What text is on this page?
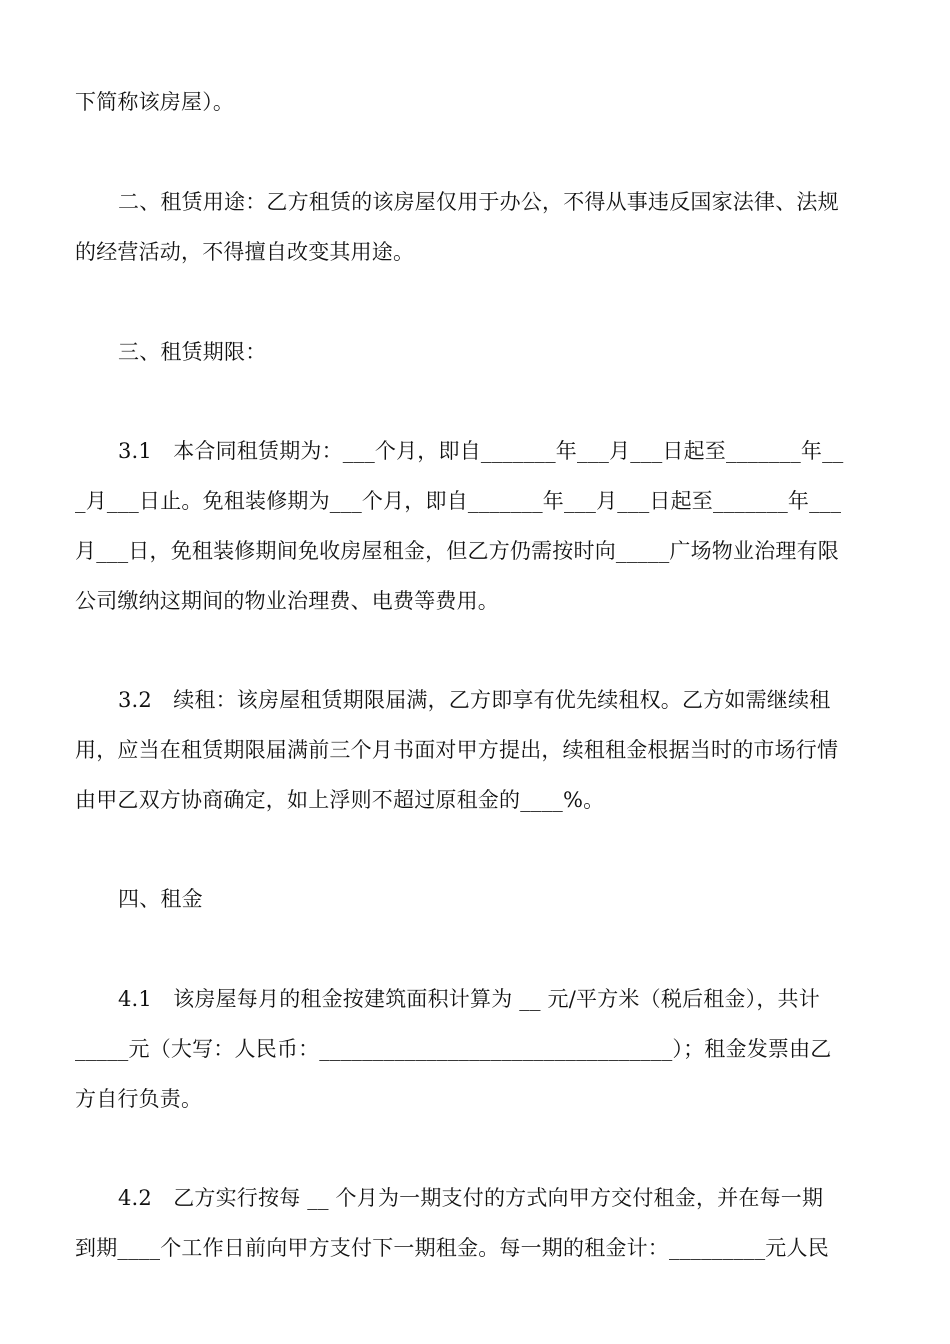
下简称该房屋）。
二、租赁用途：乙方租赁的该房屋仅用于办公，不得从事违反国家法律、法规
的经营活动，不得擅自改变其用途。
三、租赁期限：
3.1　本合同租赁期为：___个月，即自_______年___月___日起至_______年__
_月___日止。免租装修期为___个月，即自_______年___月___日起至_______年___
月___日，免租装修期间免收房屋租金，但乙方仍需按时向_____广场物业治理有限
公司缴纳这期间的物业治理费、电费等费用。
3.2　续租：该房屋租赁期限届满，乙方即享有优先续租权。乙方如需继续租
用，应当在租赁期限届满前三个月书面对甲方提出，续租租金根据当时的市场行情
由甲乙双方协商确定，如上浮则不超过原租金的____%。
四、租金
4.1　该房屋每月的租金按建筑面积计算为 __ 元/平方米（税后租金），共计
_____元（大写：人民币：_________________________________）；租金发票由乙
方自行负责。
4.2　乙方实行按每 __ 个月为一期支付的方式向甲方交付租金，并在每一期
到期____个工作日前向甲方支付下一期租金。每一期的租金计：_________元人民
